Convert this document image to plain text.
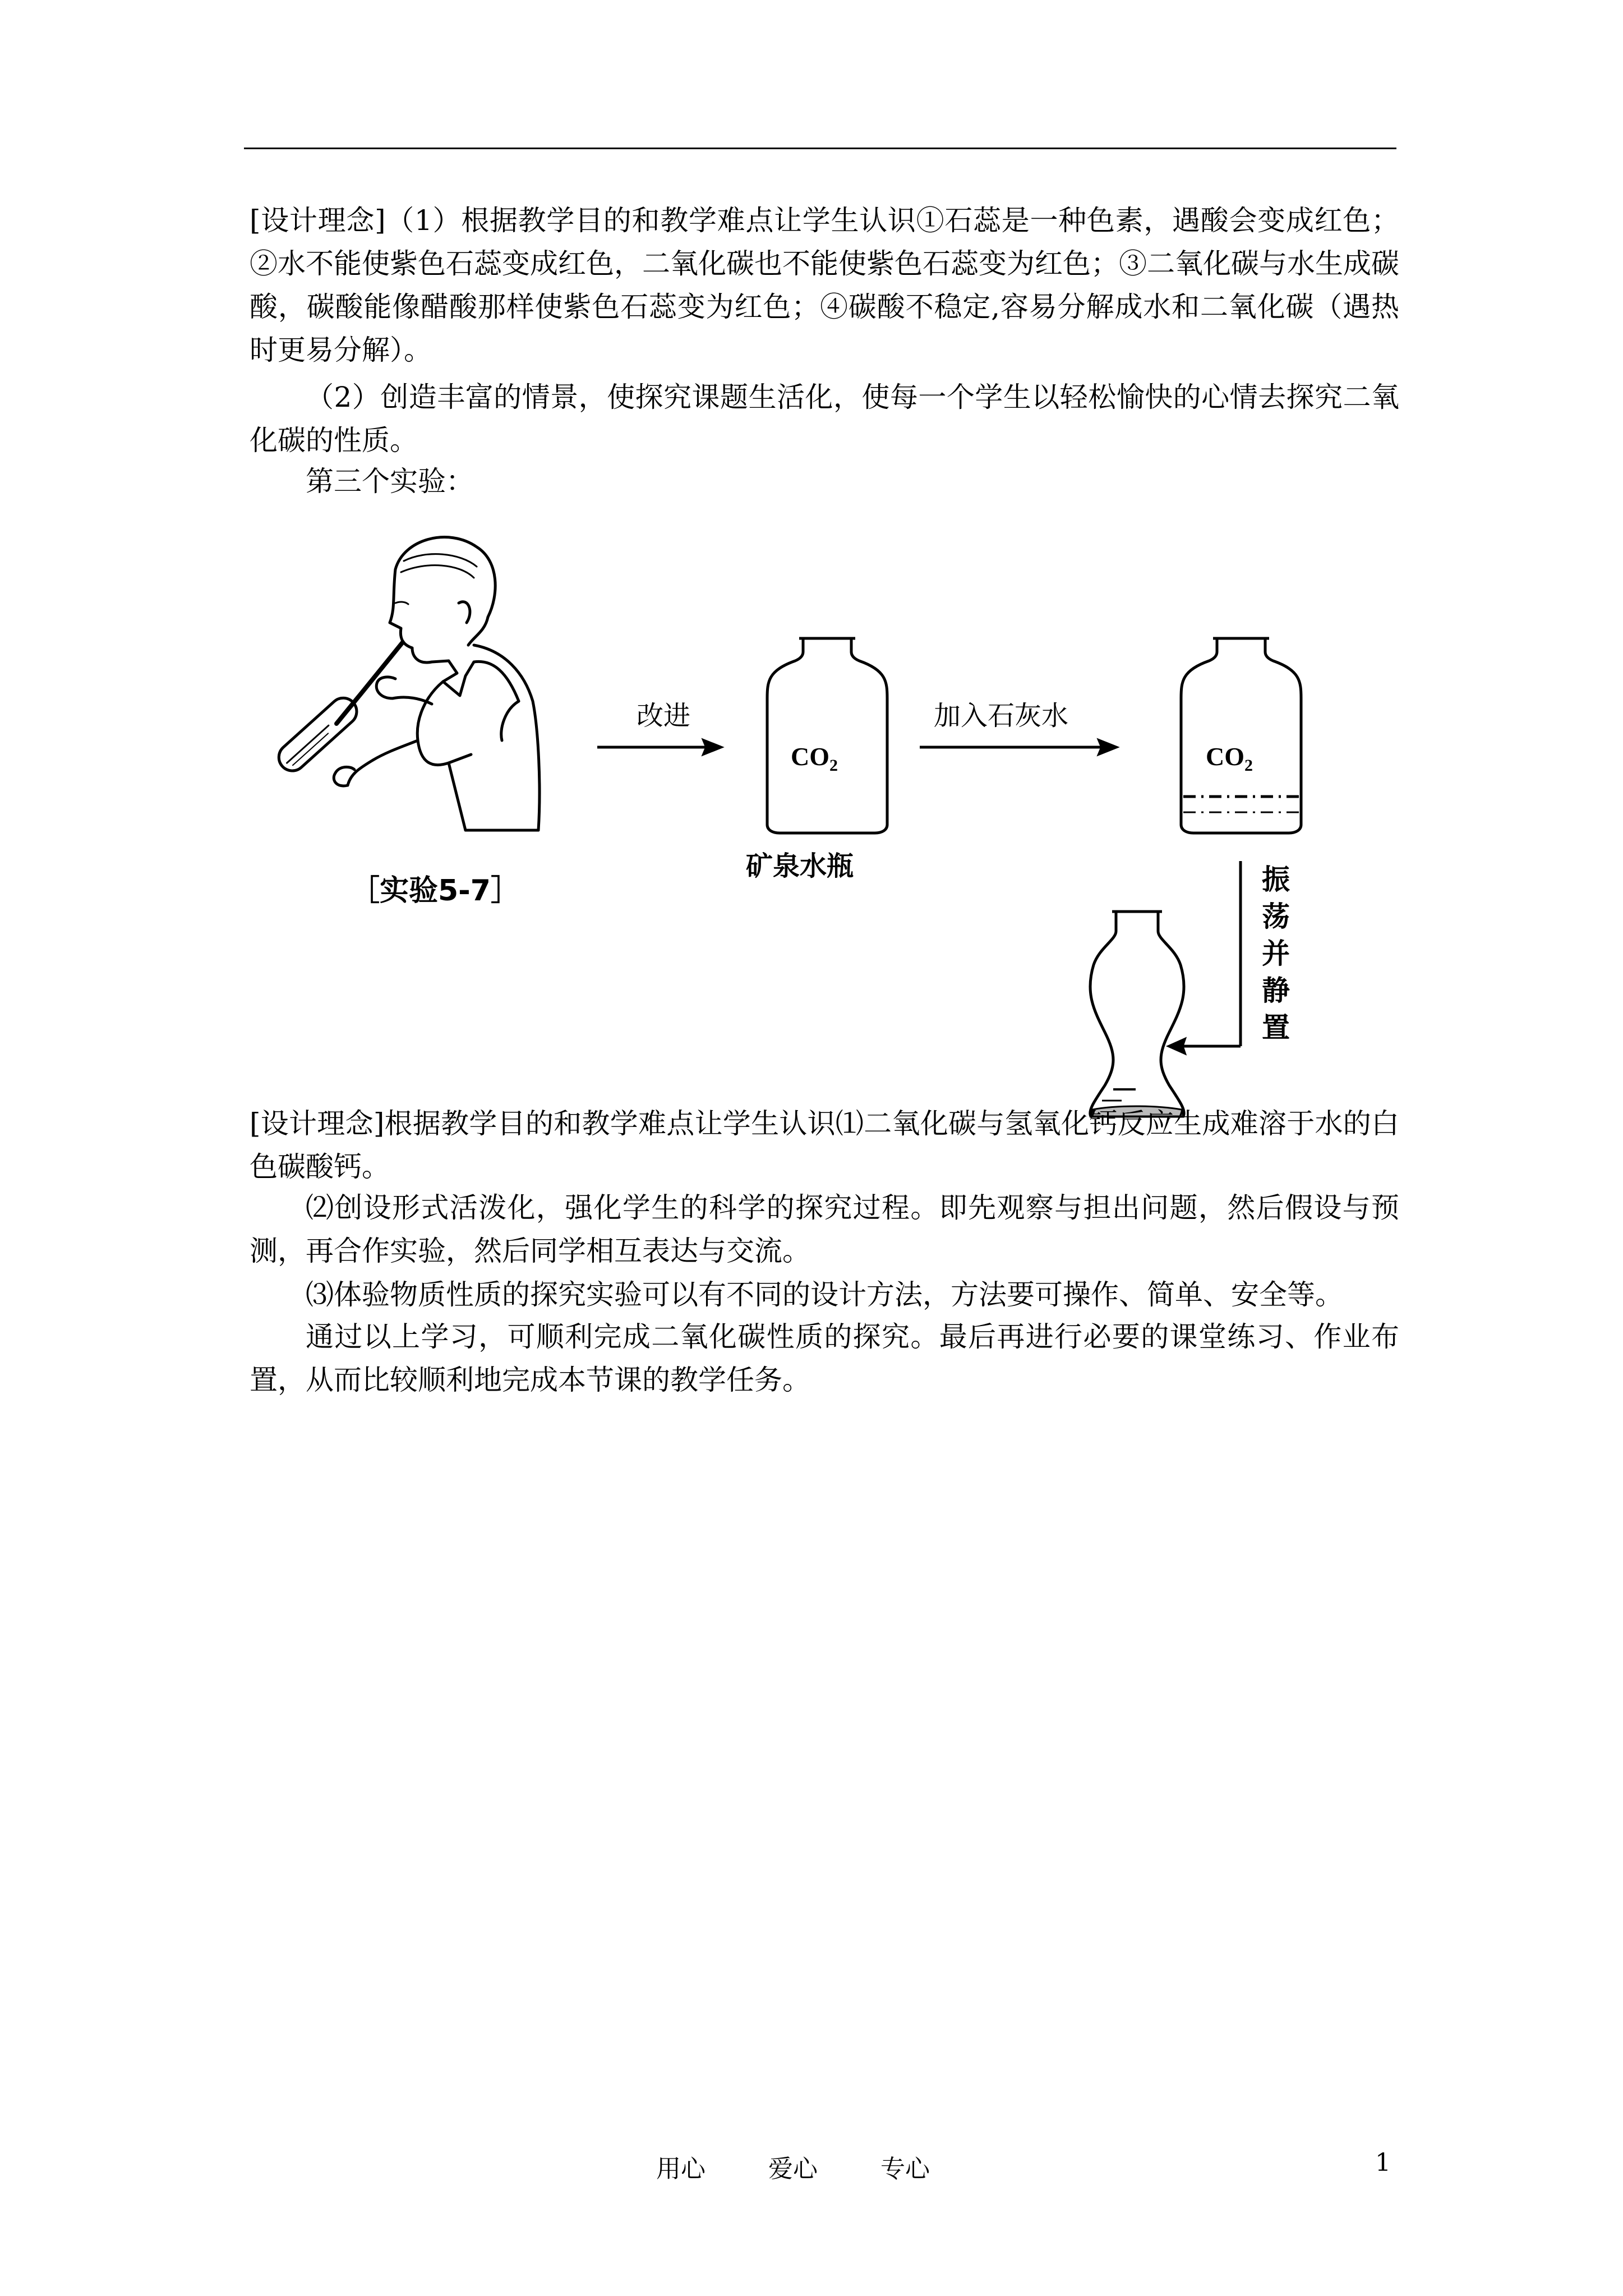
[设计理念]（1）根据教学目的和教学难点让学生认识①石蕊是一种色素，遇酸会变成红色；②水不能使紫色石蕊变成红色，二氧化碳也不能使紫色石蕊变为红色；③二氧化碳与水生成碳酸，碳酸能像醋酸那样使紫色石蕊变为红色；④碳酸不稳定,容易分解成水和二氧化碳（遇热时更易分解）。

（2）创造丰富的情景，使探究课题生活化，使每一个学生以轻松愉快的心情去探究二氧化碳的性质。

第三个实验：

［实验5-7］
改进	加入石灰水
$CO_2$
矿泉水瓶
$CO_2$
振荡并静置

[设计理念]根据教学目的和教学难点让学生认识⑴二氧化碳与氢氧化钙反应生成难溶于水的白色碳酸钙。

⑵创设形式活泼化，强化学生的科学的探究过程。即先观察与担出问题，然后假设与预测，再合作实验，然后同学相互表达与交流。

⑶体验物质性质的探究实验可以有不同的设计方法，方法要可操作、简单、安全等。

通过以上学习，可顺利完成二氧化碳性质的探究。最后再进行必要的课堂练习、作业布置，从而比较顺利地完成本节课的教学任务。

用心	爱心	专心	1
